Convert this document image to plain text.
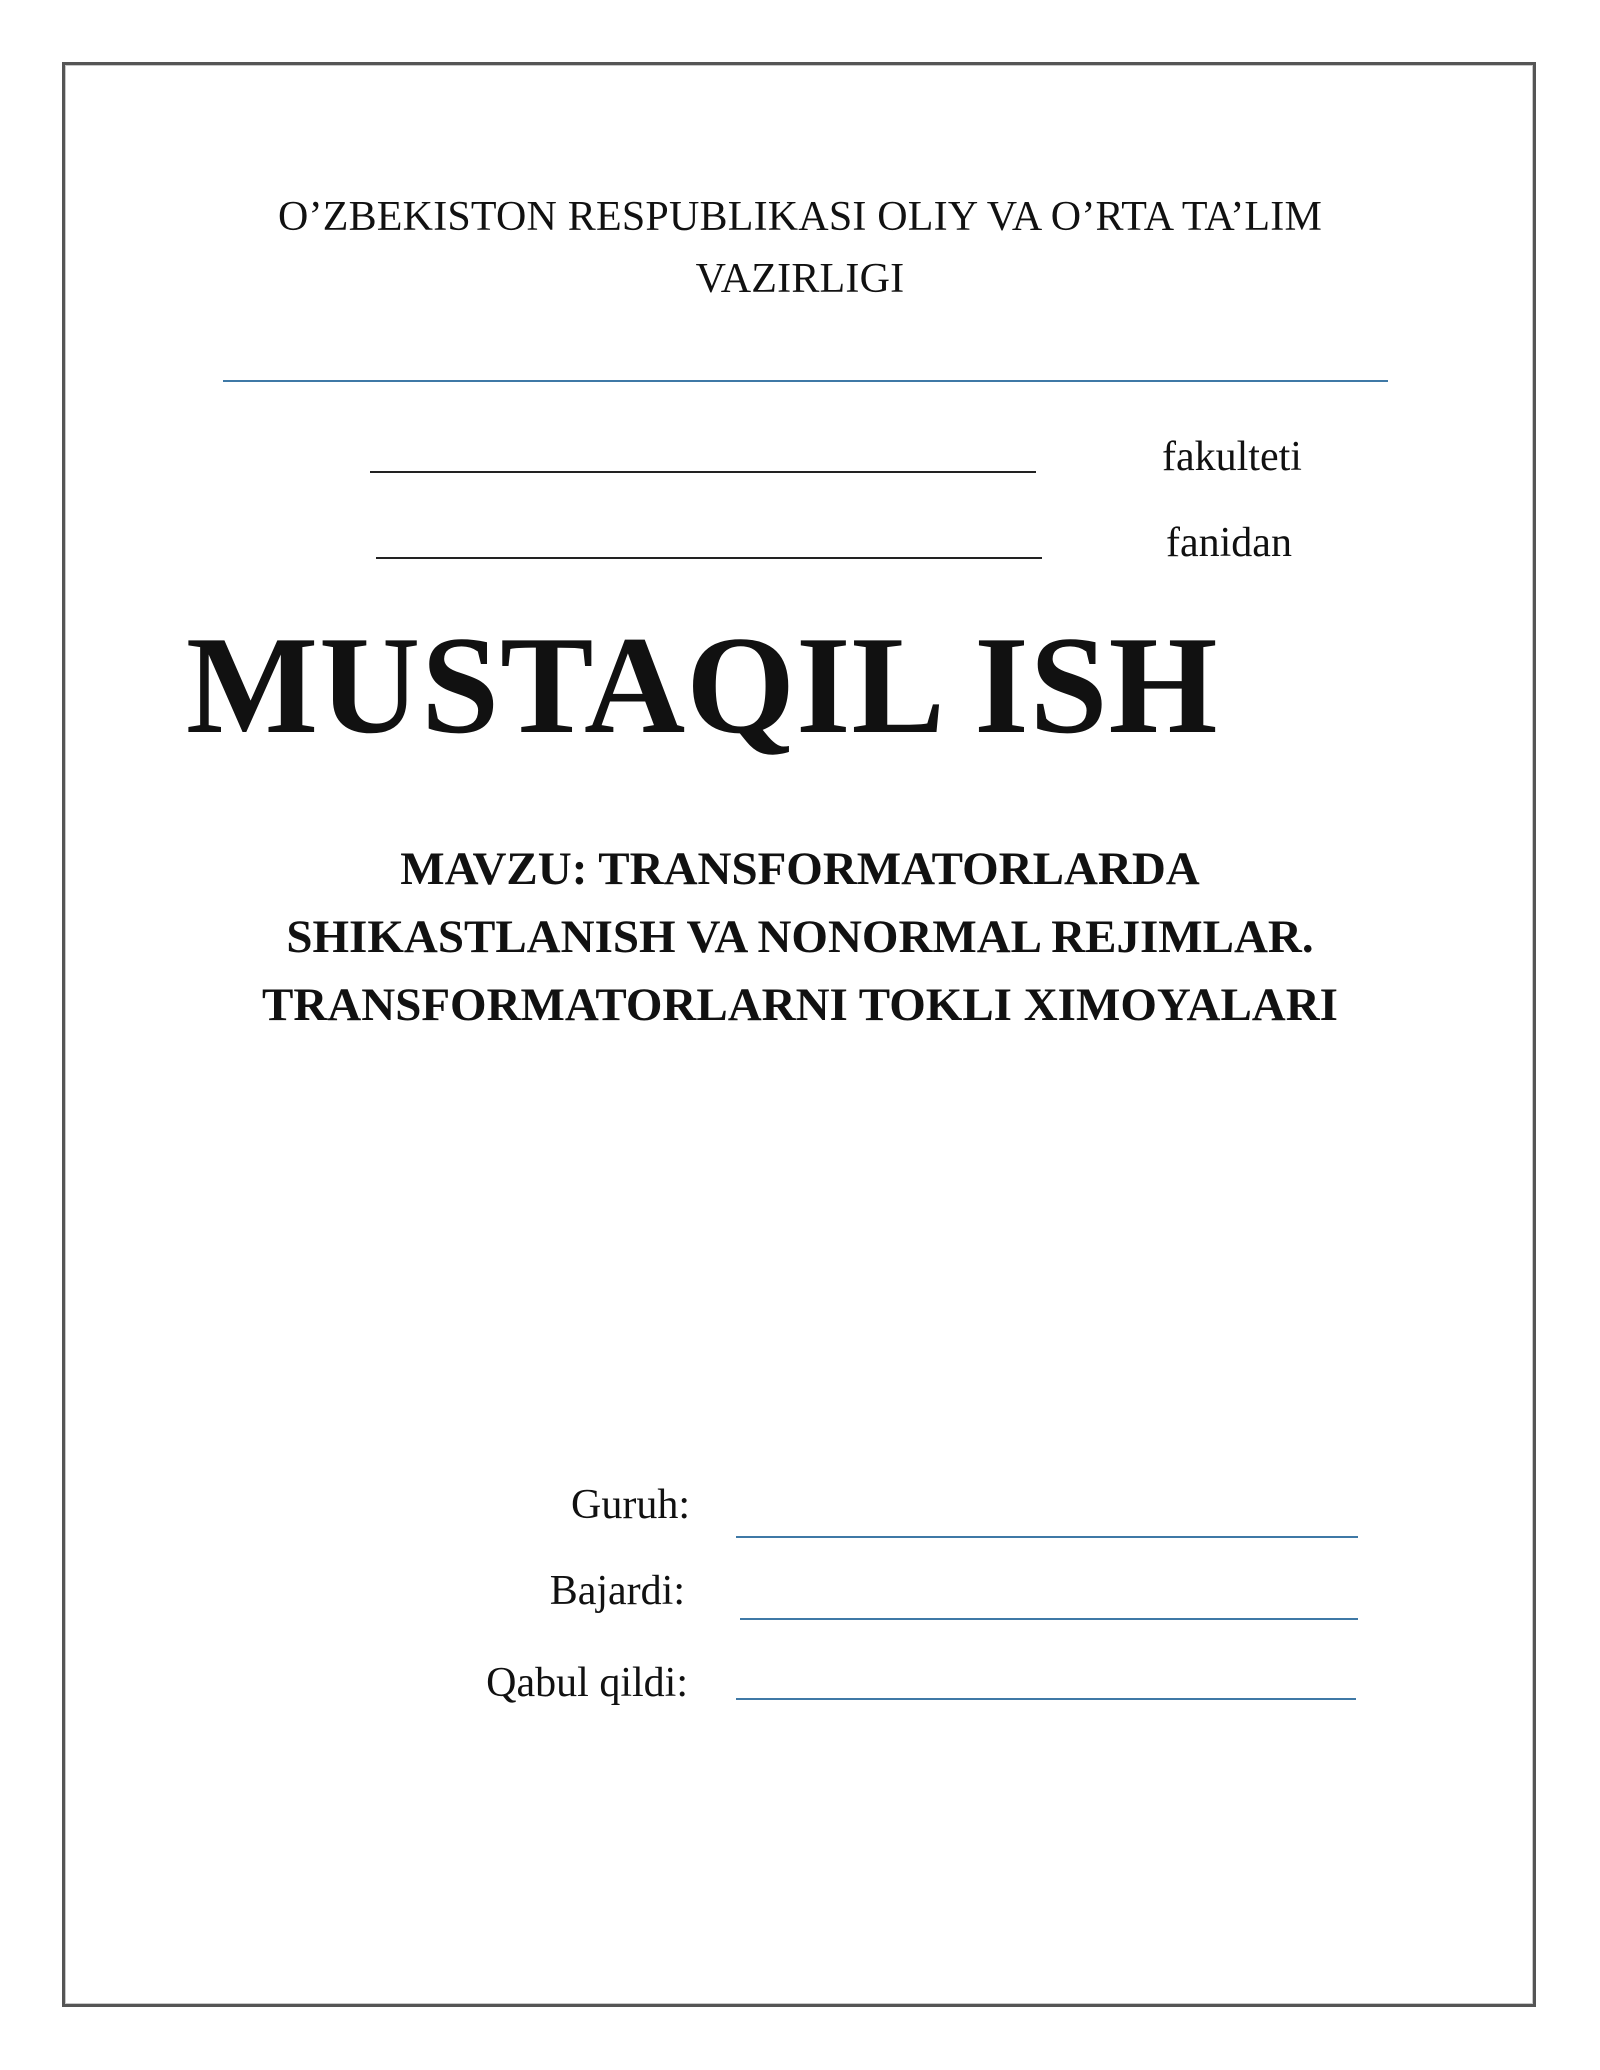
O’ZBEKISTON RESPUBLIKASI OLIY VA O’RTA TA’LIM
VAZIRLIGI
fakulteti
fanidan
MUSTAQIL ISH
MAVZU: TRANSFORMATORLARDA
SHIKASTLANISH VA NONORMAL REJIMLAR.
TRANSFORMATORLARNI TOKLI XIMOYALARI
Guruh:
Bajardi:
Qabul qildi:
